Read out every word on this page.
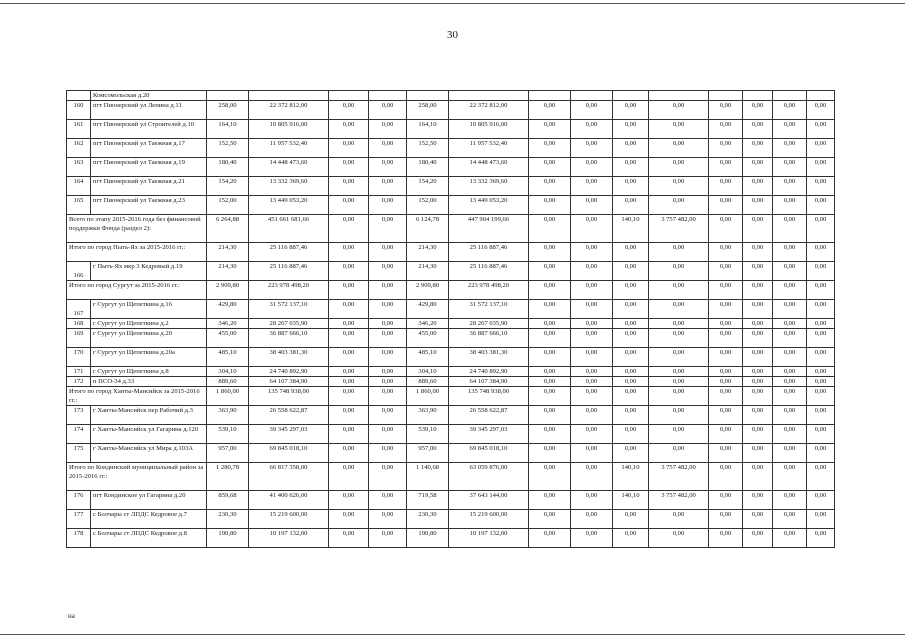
30
	Комсомольская д.20														
160	пгт Пионерский ул Ленина д.11	258,00	22 372 812,00	0,00	0,00	258,00	22 372 812,00	0,00	0,00	0,00	0,00	0,00	0,00	0,00	0,00
161	пгт Пионерский ул Строителей д.10	164,10	10 805 916,00	0,00	0,00	164,10	10 805 916,00	0,00	0,00	0,00	0,00	0,00	0,00	0,00	0,00
162	пгт Пионерский ул Таежная д.17	152,50	11 957 532,40	0,00	0,00	152,50	11 957 532,40	0,00	0,00	0,00	0,00	0,00	0,00	0,00	0,00
163	пгт Пионерский ул Таежная д.19	180,40	14 448 473,60	0,00	0,00	180,40	14 448 473,60	0,00	0,00	0,00	0,00	0,00	0,00	0,00	0,00
164	пгт Пионерский ул Таежная д.21	154,20	13 332 369,60	0,00	0,00	154,20	13 332 369,60	0,00	0,00	0,00	0,00	0,00	0,00	0,00	0,00
165	пгт Пионерский ул Таежная д.23	152,00	13 449 053,20	0,00	0,00	152,00	13 449 053,20	0,00	0,00	0,00	0,00	0,00	0,00	0,00	0,00
Всего по этапу 2015-2016 года без финансовой поддержки Фонда (раздел 2):		6 264,88	451 661 681,66	0,00	0,00	6 124,78	447 904 199,66	0,00	0,00	140,10	3 757 482,00	0,00	0,00	0,00	0,00
Итого по город Пыть-Ях за 2015-2016 гг.:		214,30	25 116 887,46	0,00	0,00	214,30	25 116 887,46	0,00	0,00	0,00	0,00	0,00	0,00	0,00	0,00
166	г Пыть-Ях мкр 3 Кедровый д.19	214,30	25 116 887,46	0,00	0,00	214,30	25 116 887,46	0,00	0,00	0,00	0,00	0,00	0,00	0,00	0,00
Итого по город Сургут за 2015-2016 гг.:		2 909,80	223 978 498,20	0,00	0,00	2 909,80	223 978 498,20	0,00	0,00	0,00	0,00	0,00	0,00	0,00	0,00
167	г Сургут ул Щепеткина д.16	429,80	31 572 137,10	0,00	0,00	429,80	31 572 137,10	0,00	0,00	0,00	0,00	0,00	0,00	0,00	0,00
168	г Сургут ул Щепеткина д.2	346,20	28 267 035,90	0,00	0,00	346,20	28 267 035,90	0,00	0,00	0,00	0,00	0,00	0,00	0,00	0,00
169	г Сургут ул Щепеткина д.20	455,00	36 887 666,10	0,00	0,00	455,00	36 887 666,10	0,00	0,00	0,00	0,00	0,00	0,00	0,00	0,00
170	г Сургут ул Щепеткина д.20а	485,10	38 403 381,30	0,00	0,00	485,10	38 403 381,30	0,00	0,00	0,00	0,00	0,00	0,00	0,00	0,00
171	г Сургут ул Щепеткина д.8	304,10	24 740 892,90	0,00	0,00	304,10	24 740 892,90	0,00	0,00	0,00	0,00	0,00	0,00	0,00	0,00
172	п ПСО-34 д.33	889,60	64 107 384,90	0,00	0,00	889,60	64 107 384,90	0,00	0,00	0,00	0,00	0,00	0,00	0,00	0,00
Итого по город Ханты-Мансийск за 2015-2016 гг.:		1 860,00	135 748 938,00	0,00	0,00	1 860,00	135 748 938,00	0,00	0,00	0,00	0,00	0,00	0,00	0,00	0,00
173	г Ханты-Мансийск пер Рабочий д.3	363,90	26 558 622,87	0,00	0,00	363,90	26 558 622,87	0,00	0,00	0,00	0,00	0,00	0,00	0,00	0,00
174	г Ханты-Мансийск ул Гагарина д.120	539,10	39 345 297,03	0,00	0,00	539,10	39 345 297,03	0,00	0,00	0,00	0,00	0,00	0,00	0,00	0,00
175	г Ханты-Мансийск ул Мира д.103А	957,00	69 845 018,10	0,00	0,00	957,00	69 845 018,10	0,00	0,00	0,00	0,00	0,00	0,00	0,00	0,00
Итого по Кондинский муниципальный район за 2015-2016 гг.:		1 280,78	66 817 358,00	0,00	0,00	1 140,68	63 059 876,00	0,00	0,00	140,10	3 757 482,00	0,00	0,00	0,00	0,00
176	пгт Кондинское ул Гагарина д.20	859,68	41 400 626,00	0,00	0,00	719,58	37 643 144,00	0,00	0,00	140,10	3 757 482,00	0,00	0,00	0,00	0,00
177	с Болчары ст ЛПДС Кедровое д.7	230,30	15 219 600,00	0,00	0,00	230,30	15 219 600,00	0,00	0,00	0,00	0,00	0,00	0,00	0,00	0,00
178	с Болчары ст ЛПДС Кедровое д.8	190,80	10 197 132,00	0,00	0,00	190,80	10 197 132,00	0,00	0,00	0,00	0,00	0,00	0,00	0,00	0,00
на
